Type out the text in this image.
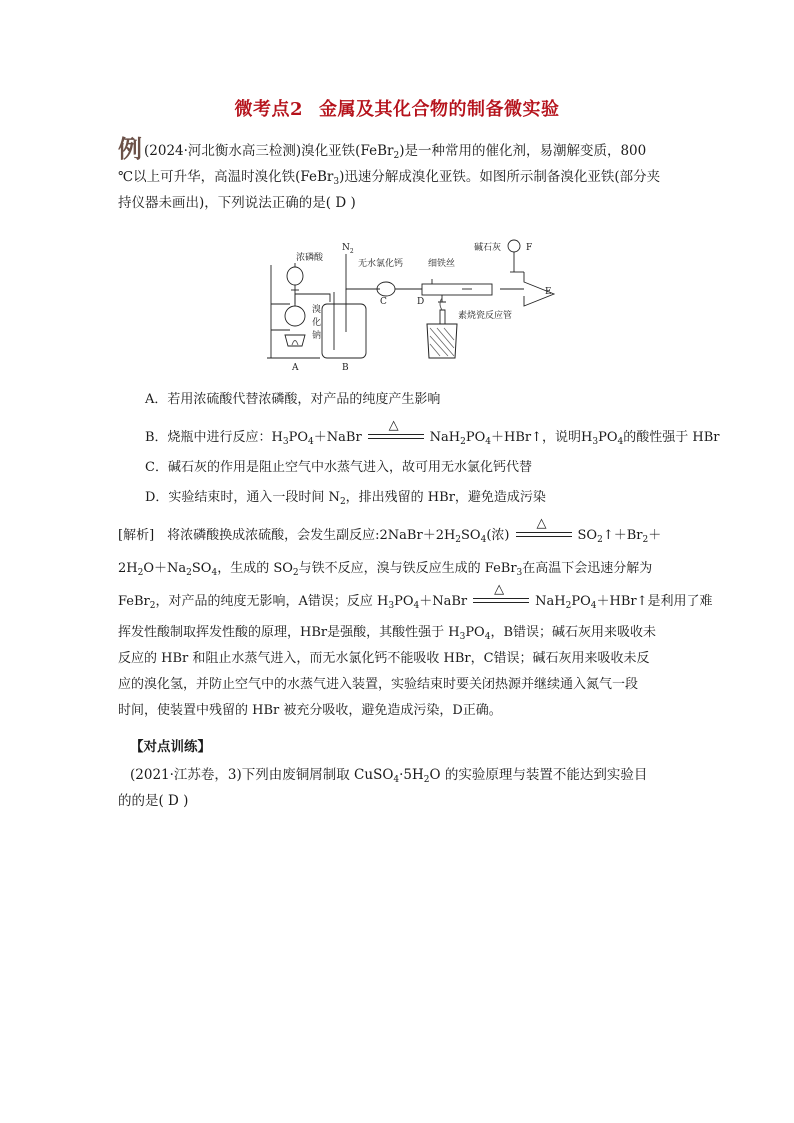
微考点2 金属及其化合物的制备微实验
例 (2024·河北衡水高三检测)溴化亚铁(FeBr$_2$)是一种常用的催化剂，易潮解变质，800
℃以上可升华，高温时溴化铁(FeBr$_3$)迅速分解成溴化亚铁。如图所示制备溴化亚铁(部分夹
持仪器未画出)，下列说法正确的是( D )
浓磷酸
$N_2$
无水氯化钙	细铁丝
碱石灰
溴
化
钠
素烧瓷反应管
A	B
C	D
E
F
A．若用浓硫酸代替浓磷酸，对产品的纯度产生影响
B．烧瓶中进行反应：$H_3PO_4+NaBr$
△
$NaH_2PO_4+HBr↑$，说明$H_3PO_4$的酸性强于 HBr
C．碱石灰的作用是阻止空气中水蒸气进入，故可用无水氯化钙代替
D．实验结束时，通入一段时间 $N_2$，排出残留的 HBr，避免造成污染
[解析]　将浓磷酸换成浓硫酸，会发生副反应$:2NaBr+2H_2SO_4$(浓)
△
$SO_2↑+Br_2+$
$2H_2O+Na_2SO_4$，生成的 $SO_2$与铁不反应，溴与铁反应生成的 FeBr$_3$在高温下会迅速分解为
FeBr$_2$，对产品的纯度无影响，A错误；反应 $H_3PO_4+NaBr$
△
$NaH_2PO_4+HBr↑$是利用了难
挥发性酸制取挥发性酸的原理，HBr是强酸，其酸性强于 $H_3PO_4$，B错误；碱石灰用来吸收未
反应的 HBr 和阻止水蒸气进入，而无水氯化钙不能吸收 HBr，C错误；碱石灰用来吸收未反
应的溴化氢，并防止空气中的水蒸气进入装置，实验结束时要关闭热源并继续通入氮气一段
时间，使装置中残留的 HBr 被充分吸收，避免造成污染，D正确。
【对点训练】
(2021·江苏卷，3)下列由废铜屑制取 $CuSO_4\cdot 5H_2O$ 的实验原理与装置不能达到实验目
的的是( D )
